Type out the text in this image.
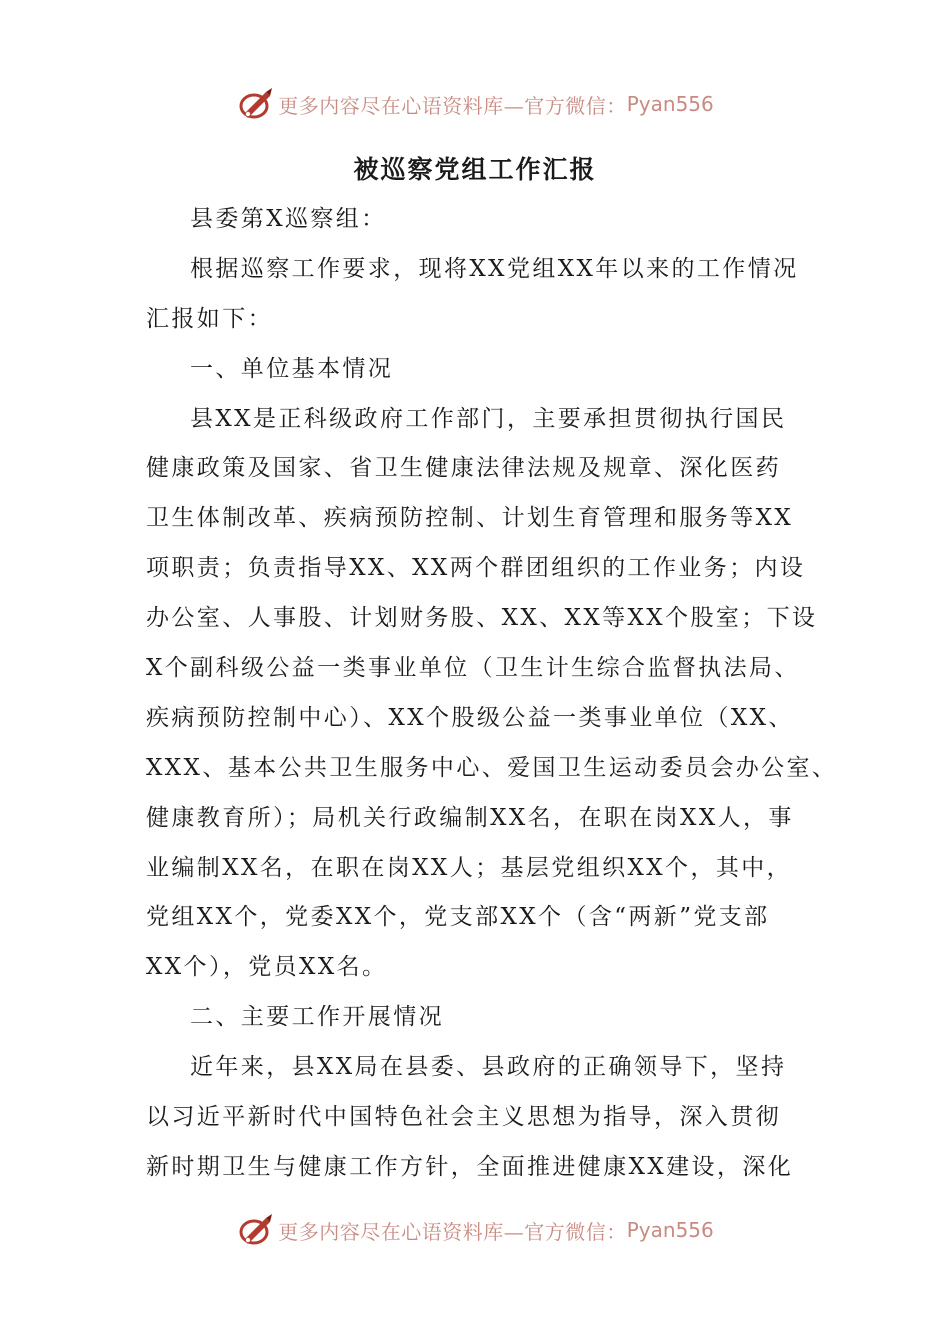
更多内容尽在心语资料库—官方微信： Pyan556
被巡察党组工作汇报
县委第X巡察组：
根据巡察工作要求，现将XX党组XX年以来的工作情况
汇报如下：
一、单位基本情况
县XX是正科级政府工作部门，主要承担贯彻执行国民
健康政策及国家、省卫生健康法律法规及规章、深化医药
卫生体制改革、疾病预防控制、计划生育管理和服务等XX
项职责；负责指导XX、XX两个群团组织的工作业务；内设
办公室、人事股、计划财务股、XX、XX等XX个股室；下设
X个副科级公益一类事业单位（卫生计生综合监督执法局、
疾病预防控制中心）、XX个股级公益一类事业单位（XX、
XXX、基本公共卫生服务中心、爱国卫生运动委员会办公室、
健康教育所）；局机关行政编制XX名，在职在岗XX人，事
业编制XX名，在职在岗XX人；基层党组织XX个，其中，
党组XX个，党委XX个，党支部XX个（含“两新”党支部
XX个），党员XX名。
二、主要工作开展情况
近年来，县XX局在县委、县政府的正确领导下，坚持
以习近平新时代中国特色社会主义思想为指导，深入贯彻
新时期卫生与健康工作方针，全面推进健康XX建设，深化
更多内容尽在心语资料库—官方微信： Pyan556
